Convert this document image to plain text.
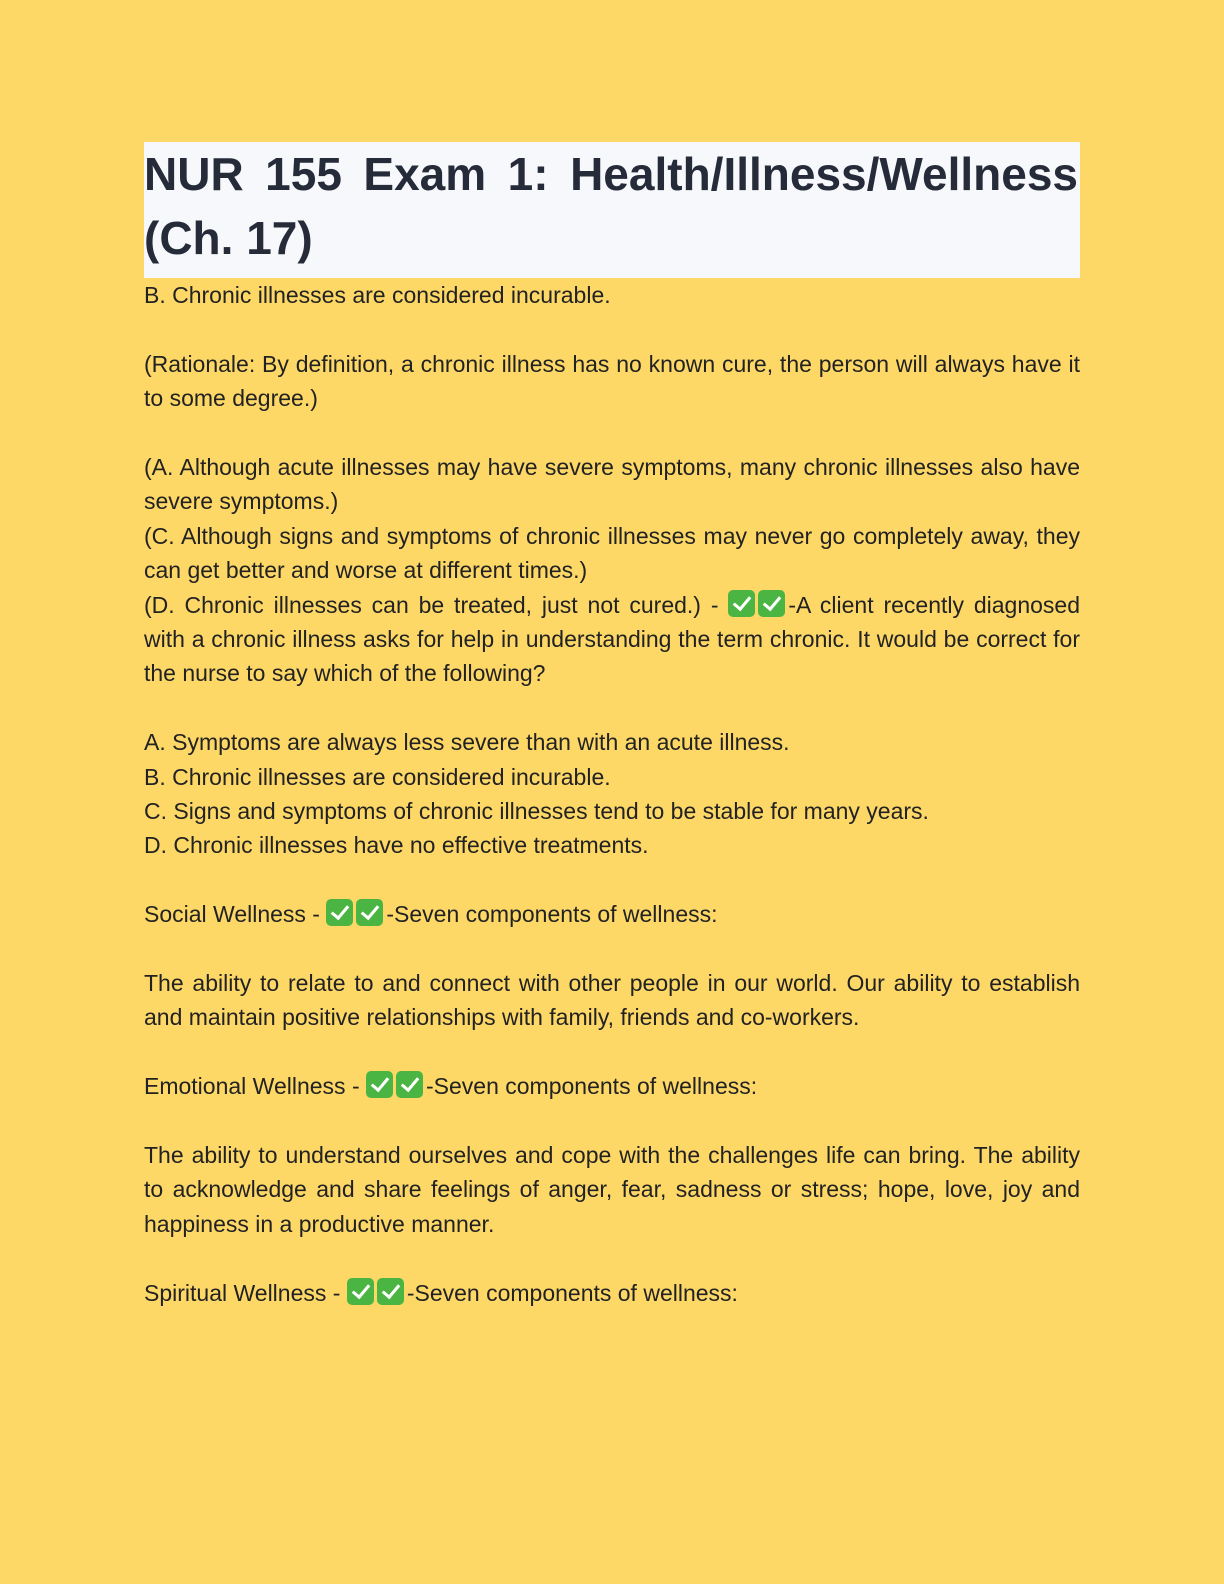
NUR 155 Exam 1: Health/Illness/Wellness (Ch. 17)

B. Chronic illnesses are considered incurable.

(Rationale: By definition, a chronic illness has no known cure, the person will always have it to some degree.)

(A. Although acute illnesses may have severe symptoms, many chronic illnesses also have severe symptoms.)

(C. Although signs and symptoms of chronic illnesses may never go completely away, they can get better and worse at different times.)

(D. Chronic illnesses can be treated, just not cured.) -	-A client recently diagnosed with a chronic illness asks for help in understanding the term chronic. It would be correct for the nurse to say which of the following?

A. Symptoms are always less severe than with an acute illness.

B. Chronic illnesses are considered incurable.

C. Signs and symptoms of chronic illnesses tend to be stable for many years.

D. Chronic illnesses have no effective treatments.

Social Wellness -	-Seven components of wellness:

The ability to relate to and connect with other people in our world. Our ability to establish and maintain positive relationships with family, friends and co-workers.

Emotional Wellness -	-Seven components of wellness:

The ability to understand ourselves and cope with the challenges life can bring. The ability to acknowledge and share feelings of anger, fear, sadness or stress; hope, love, joy and happiness in a productive manner.

Spiritual Wellness -	-Seven components of wellness:
